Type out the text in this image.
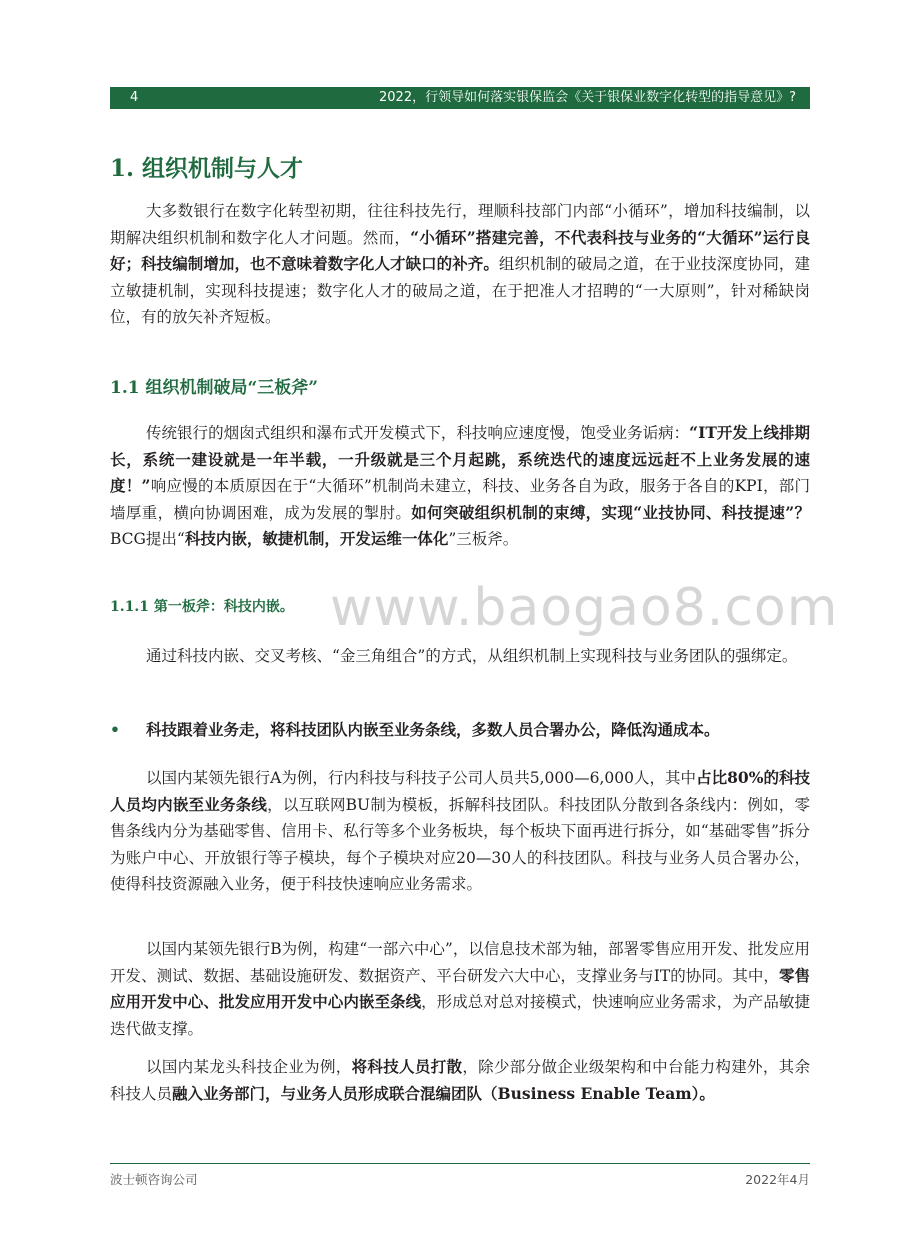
4	2022，行领导如何落实银保监会《关于银保业数字化转型的指导意见》?
1. 组织机制与人才

大多数银行在数字化转型初期，往往科技先行，理顺科技部门内部“小循环”，增加科技编制，以期解决组织机制和数字化人才问题。然而，“小循环”搭建完善，不代表科技与业务的“大循环”运行良好；科技编制增加，也不意味着数字化人才缺口的补齐。组织机制的破局之道，在于业技深度协同，建立敏捷机制，实现科技提速；数字化人才的破局之道，在于把准人才招聘的“一大原则”，针对稀缺岗位，有的放矢补齐短板。

1.1 组织机制破局“三板斧”

传统银行的烟囱式组织和瀑布式开发模式下，科技响应速度慢，饱受业务诟病：“IT开发上线排期长，系统一建设就是一年半载，一升级就是三个月起跳，系统迭代的速度远远赶不上业务发展的速度！”响应慢的本质原因在于“大循环”机制尚未建立，科技、业务各自为政，服务于各自的KPI，部门墙厚重，横向协调困难，成为发展的掣肘。如何突破组织机制的束缚，实现“业技协同、科技提速”？ BCG提出“科技内嵌，敏捷机制，开发运维一体化”三板斧。

www.baogao8.com
1.1.1 第一板斧：科技内嵌。

通过科技内嵌、交叉考核、“金三角组合”的方式，从组织机制上实现科技与业务团队的强绑定。

• 科技跟着业务走，将科技团队内嵌至业务条线，多数人员合署办公，降低沟通成本。

以国内某领先银行A为例，行内科技与科技子公司人员共5,000—6,000人，其中占比80%的科技人员均内嵌至业务条线，以互联网BU制为模板，拆解科技团队。科技团队分散到各条线内：例如，零售条线内分为基础零售、信用卡、私行等多个业务板块，每个板块下面再进行拆分，如“基础零售”拆分为账户中心、开放银行等子模块，每个子模块对应20—30人的科技团队。科技与业务人员合署办公，使得科技资源融入业务，便于科技快速响应业务需求。

以国内某领先银行B为例，构建“一部六中心”，以信息技术部为轴，部署零售应用开发、批发应用开发、测试、数据、基础设施研发、数据资产、平台研发六大中心，支撑业务与IT的协同。其中，零售应用开发中心、批发应用开发中心内嵌至条线，形成总对总对接模式，快速响应业务需求，为产品敏捷迭代做支撑。

以国内某龙头科技企业为例，将科技人员打散，除少部分做企业级架构和中台能力构建外，其余科技人员融入业务部门，与业务人员形成联合混编团队（Business Enable Team）。

波士顿咨询公司	2022年4月
